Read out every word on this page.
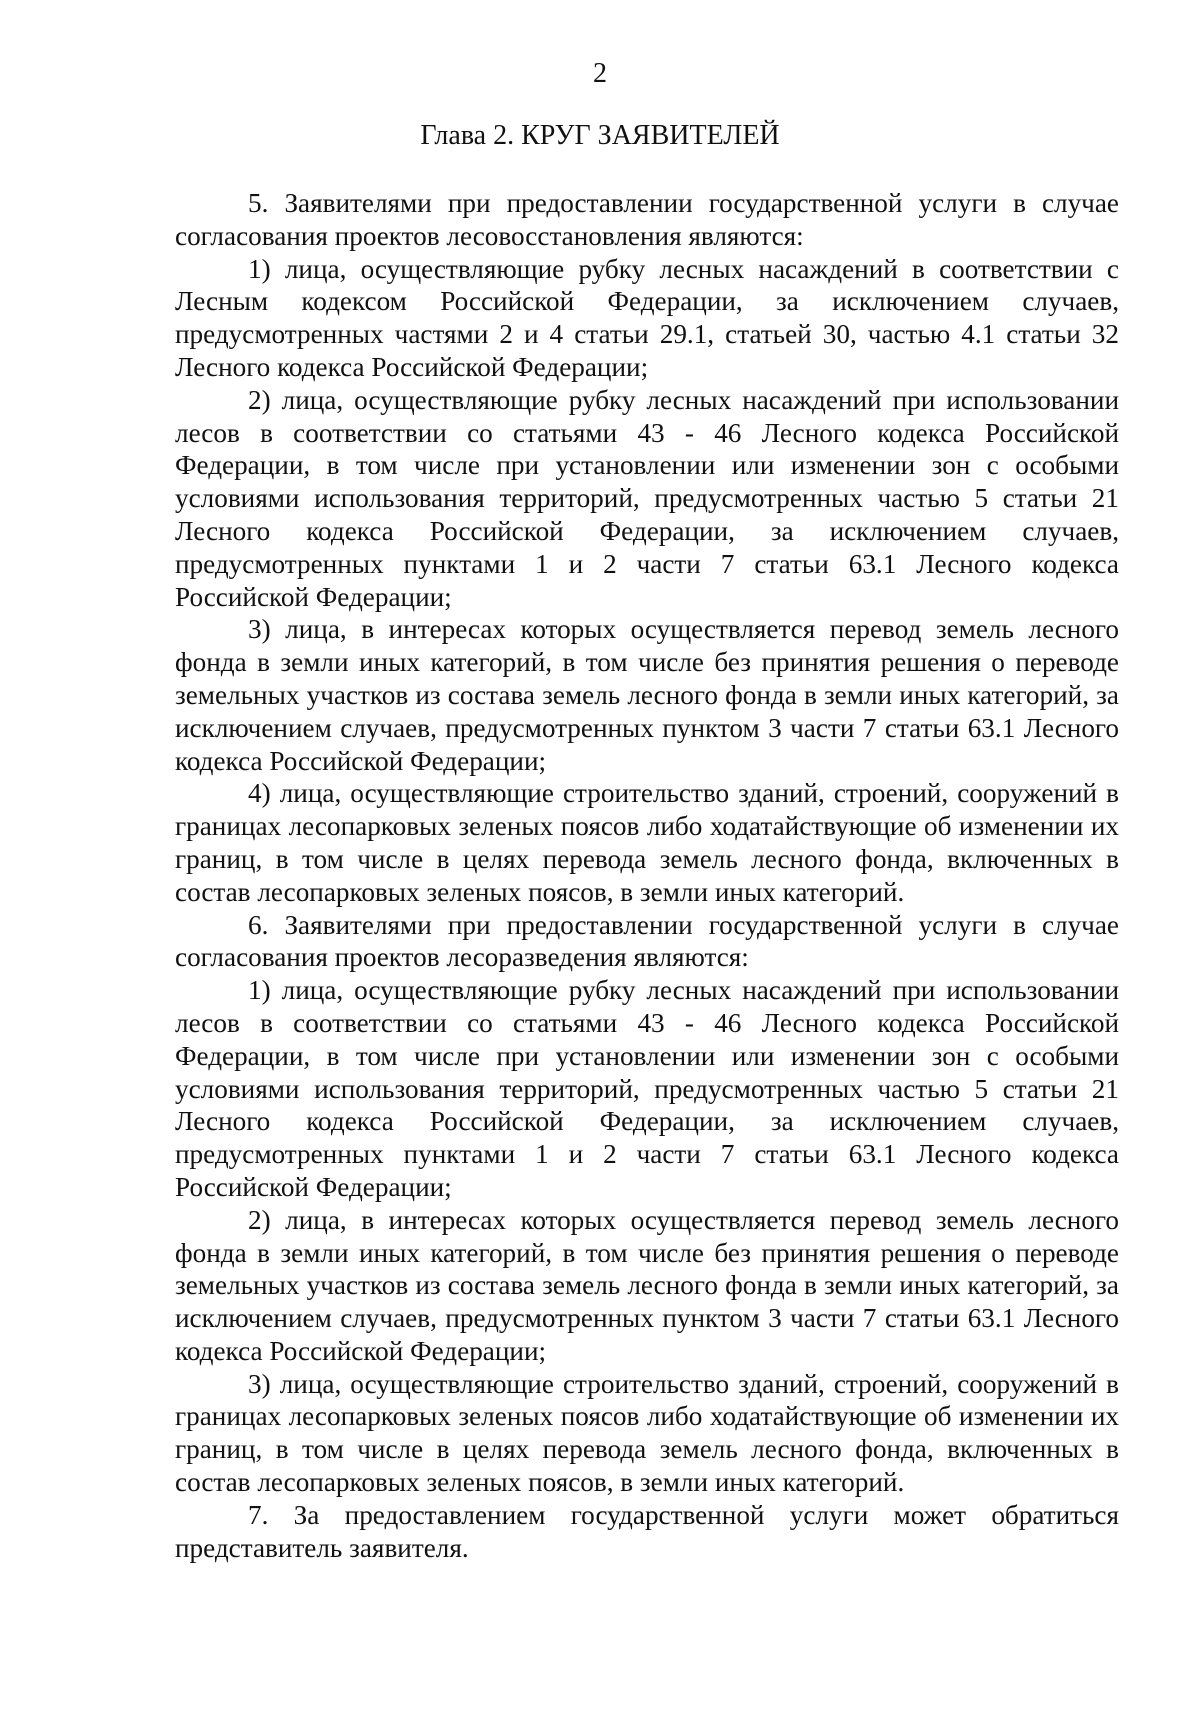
2
Глава 2. КРУГ ЗАЯВИТЕЛЕЙ

5. Заявителями при предоставлении государственной услуги в случае согласования проектов лесовосстановления являются:

1) лица, осуществляющие рубку лесных насаждений в соответствии с Лесным кодексом Российской Федерации, за исключением случаев, предусмотренных частями 2 и 4 статьи 29.1, статьей 30, частью 4.1 статьи 32 Лесного кодекса Российской Федерации;

2) лица, осуществляющие рубку лесных насаждений при использовании лесов в соответствии со статьями 43 - 46 Лесного кодекса Российской Федерации, в том числе при установлении или изменении зон с особыми условиями использования территорий, предусмотренных частью 5 статьи 21 Лесного кодекса Российской Федерации, за исключением случаев, предусмотренных пунктами 1 и 2 части 7 статьи 63.1 Лесного кодекса Российской Федерации;

3) лица, в интересах которых осуществляется перевод земель лесного фонда в земли иных категорий, в том числе без принятия решения о переводе земельных участков из состава земель лесного фонда в земли иных категорий, за исключением случаев, предусмотренных пунктом 3 части 7 статьи 63.1 Лесного кодекса Российской Федерации;

4) лица, осуществляющие строительство зданий, строений, сооружений в границах лесопарковых зеленых поясов либо ходатайствующие об изменении их границ, в том числе в целях перевода земель лесного фонда, включенных в состав лесопарковых зеленых поясов, в земли иных категорий.

6. Заявителями при предоставлении государственной услуги в случае согласования проектов лесоразведения являются:

1) лица, осуществляющие рубку лесных насаждений при использовании лесов в соответствии со статьями 43 - 46 Лесного кодекса Российской Федерации, в том числе при установлении или изменении зон с особыми условиями использования территорий, предусмотренных частью 5 статьи 21 Лесного кодекса Российской Федерации, за исключением случаев, предусмотренных пунктами 1 и 2 части 7 статьи 63.1 Лесного кодекса Российской Федерации;

2) лица, в интересах которых осуществляется перевод земель лесного фонда в земли иных категорий, в том числе без принятия решения о переводе земельных участков из состава земель лесного фонда в земли иных категорий, за исключением случаев, предусмотренных пунктом 3 части 7 статьи 63.1 Лесного кодекса Российской Федерации;

3) лица, осуществляющие строительство зданий, строений, сооружений в границах лесопарковых зеленых поясов либо ходатайствующие об изменении их границ, в том числе в целях перевода земель лесного фонда, включенных в состав лесопарковых зеленых поясов, в земли иных категорий.

7. За предоставлением государственной услуги может обратиться представитель заявителя.
